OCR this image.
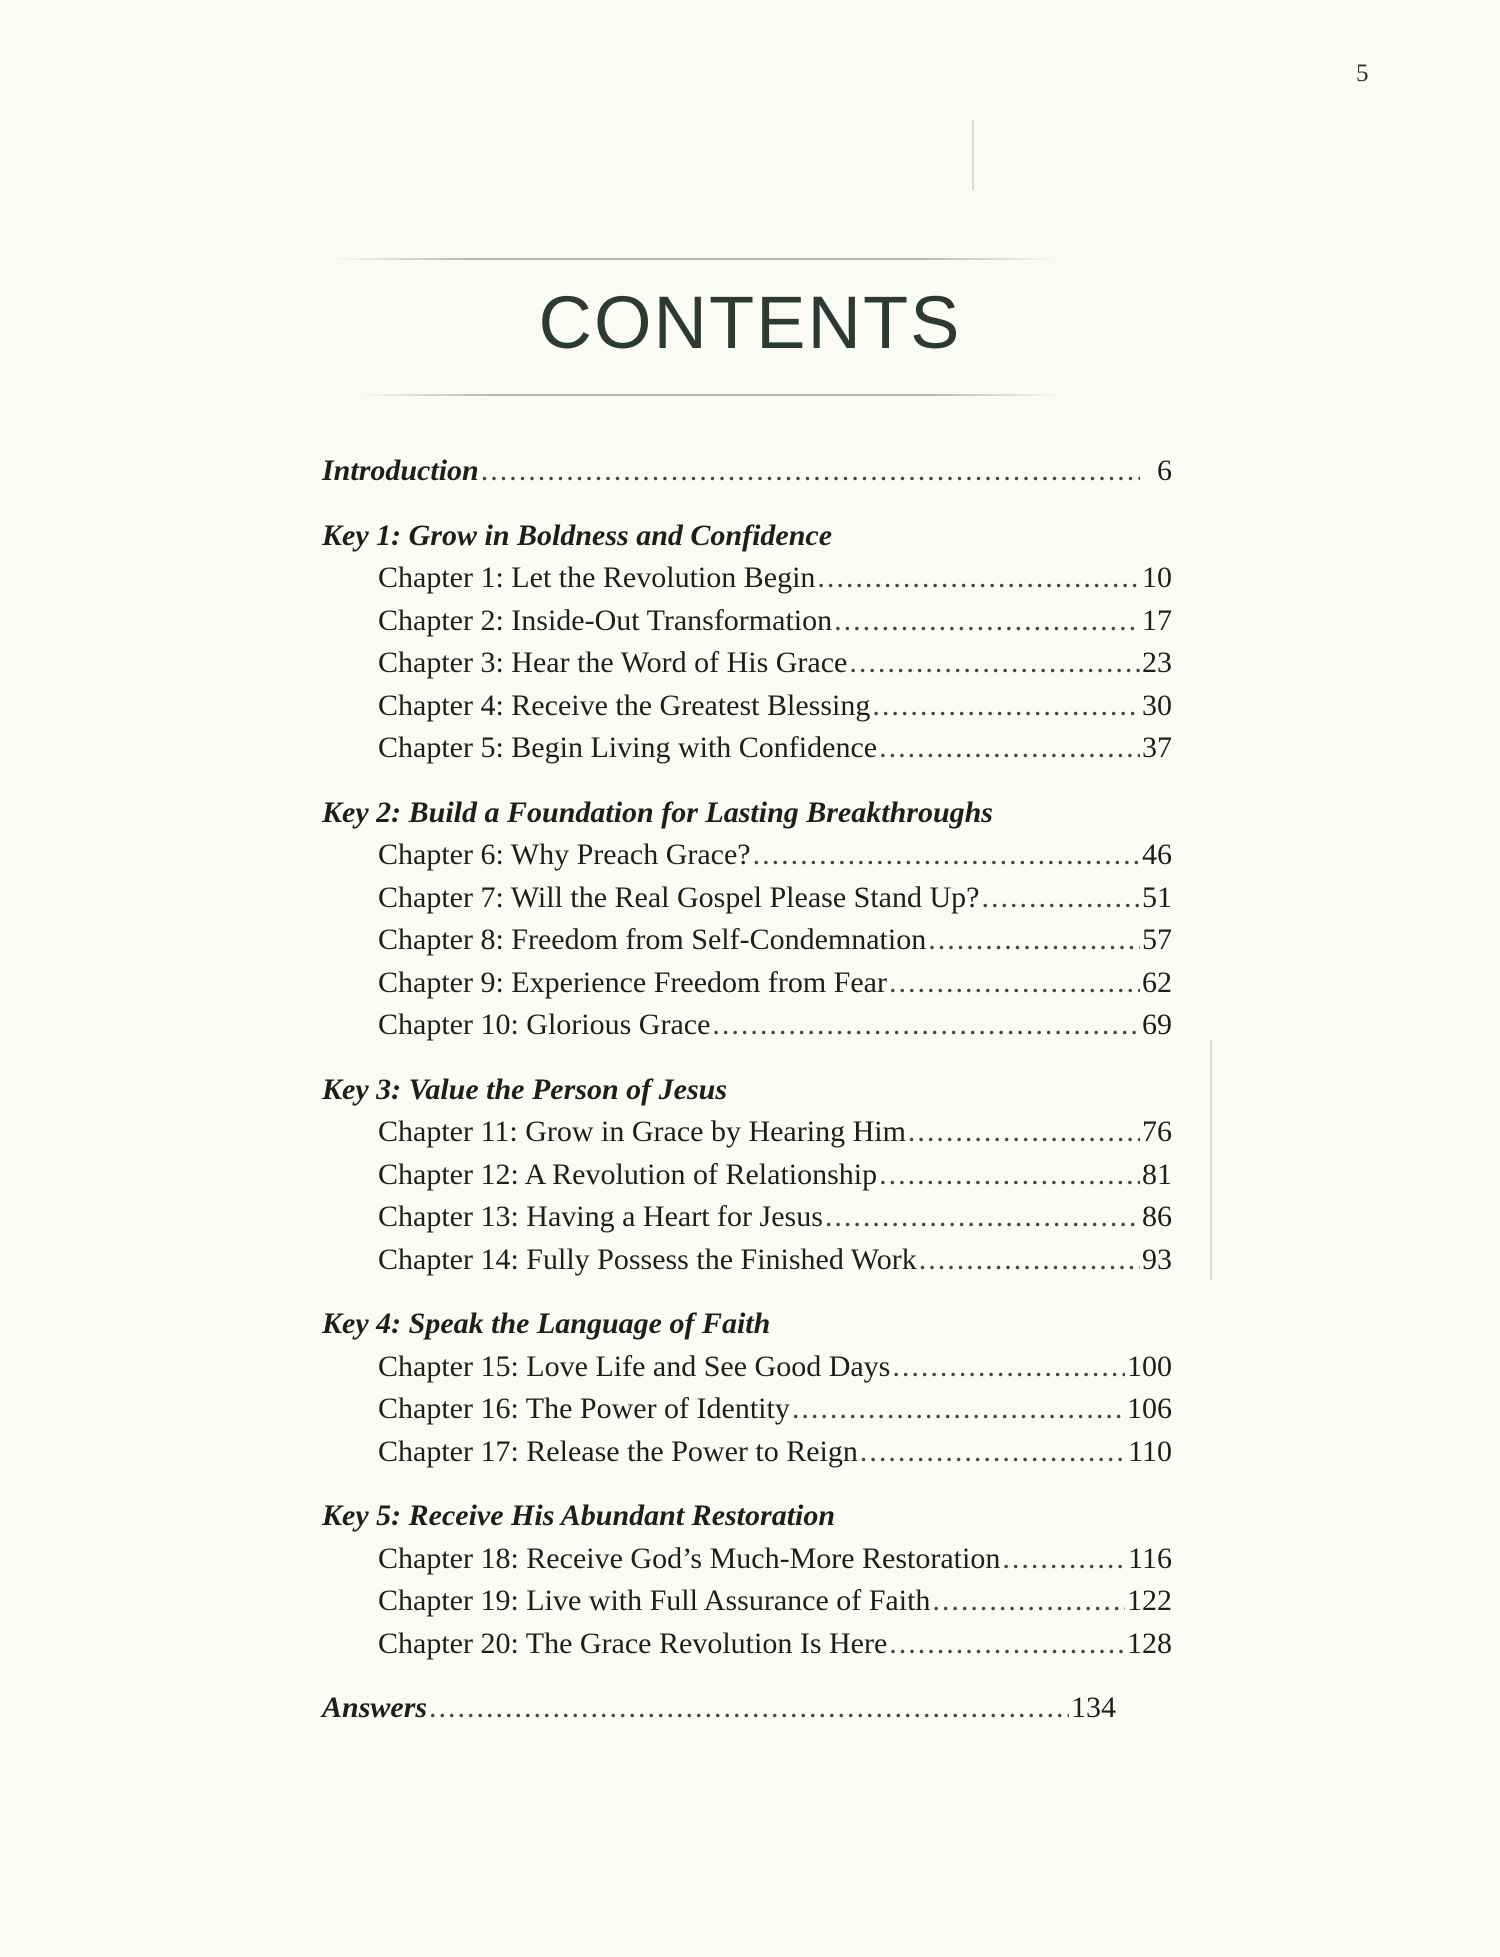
5
CONTENTS
Introduction .....	6
Key 1: Grow in Boldness and Confidence
Chapter 1: Let the Revolution Begin .....	10
Chapter 2: Inside-Out Transformation .....	17
Chapter 3: Hear the Word of His Grace .....	23
Chapter 4: Receive the Greatest Blessing .....	30
Chapter 5: Begin Living with Confidence .....	37
Key 2: Build a Foundation for Lasting Breakthroughs
Chapter 6: Why Preach Grace? .....	46
Chapter 7: Will the Real Gospel Please Stand Up? .....	51
Chapter 8: Freedom from Self-Condemnation .....	57
Chapter 9: Experience Freedom from Fear .....	62
Chapter 10: Glorious Grace .....	69
Key 3: Value the Person of Jesus
Chapter 11: Grow in Grace by Hearing Him .....	76
Chapter 12: A Revolution of Relationship .....	81
Chapter 13: Having a Heart for Jesus .....	86
Chapter 14: Fully Possess the Finished Work .....	93
Key 4: Speak the Language of Faith
Chapter 15: Love Life and See Good Days .....	100
Chapter 16: The Power of Identity .....	106
Chapter 17: Release the Power to Reign .....	110
Key 5: Receive His Abundant Restoration
Chapter 18: Receive God’s Much-More Restoration .....	116
Chapter 19: Live with Full Assurance of Faith .....	122
Chapter 20: The Grace Revolution Is Here .....	128
Answers .....	134
